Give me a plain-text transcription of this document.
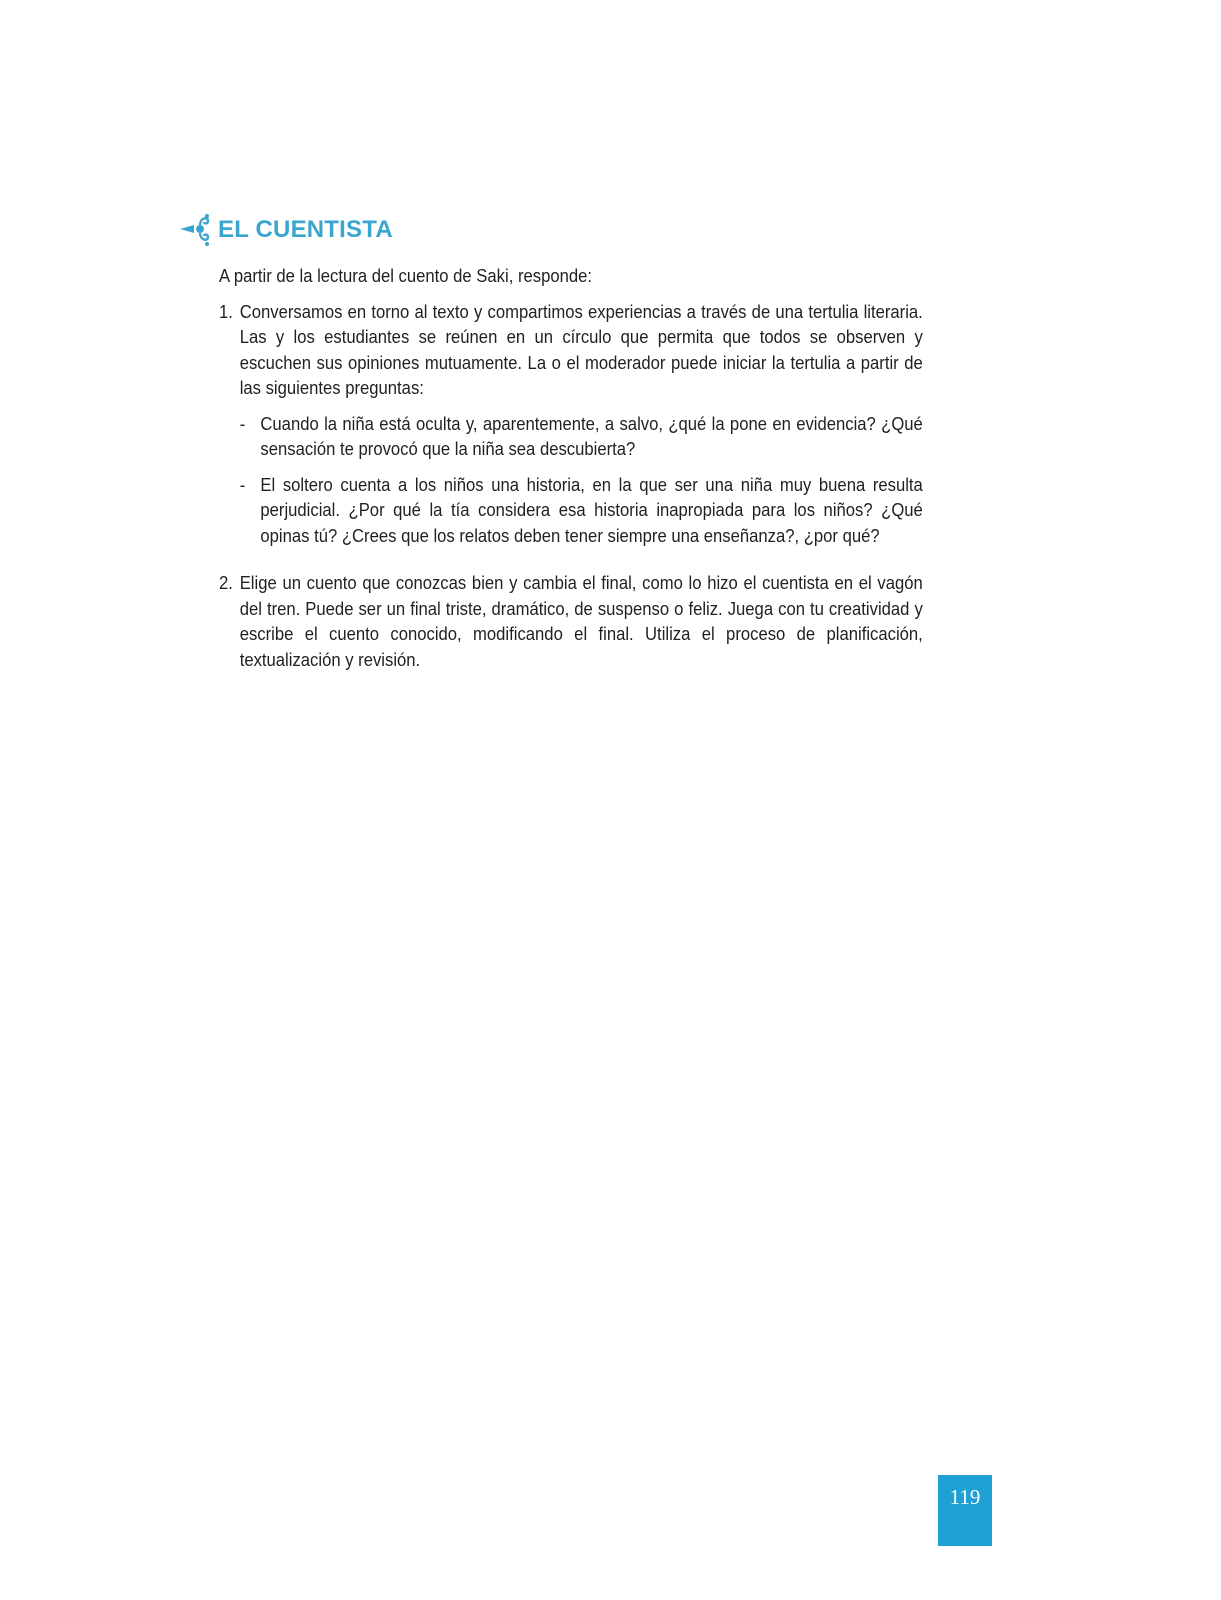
EL CUENTISTA

A partir de la lectura del cuento de Saki, responde:

1. Conversamos en torno al texto y compartimos experiencias a través de una tertulia literaria. Las y los estudiantes se reúnen en un círculo que permita que todos se observen y escuchen sus opiniones mutuamente. La o el moderador puede iniciar la tertulia a partir de las siguientes preguntas:

- Cuando la niña está oculta y, aparentemente, a salvo, ¿qué la pone en evidencia? ¿Qué sensación te provocó que la niña sea descubierta?
- El soltero cuenta a los niños una historia, en la que ser una niña muy buena resulta perjudicial. ¿Por qué la tía considera esa historia inapropiada para los niños? ¿Qué opinas tú? ¿Crees que los relatos deben tener siempre una enseñanza?, ¿por qué?
2. Elige un cuento que conozcas bien y cambia el final, como lo hizo el cuentista en el vagón del tren. Puede ser un final triste, dramático, de suspenso o feliz. Juega con tu creatividad y escribe el cuento conocido, modificando el final. Utiliza el proceso de planificación, textualización y revisión.

119
